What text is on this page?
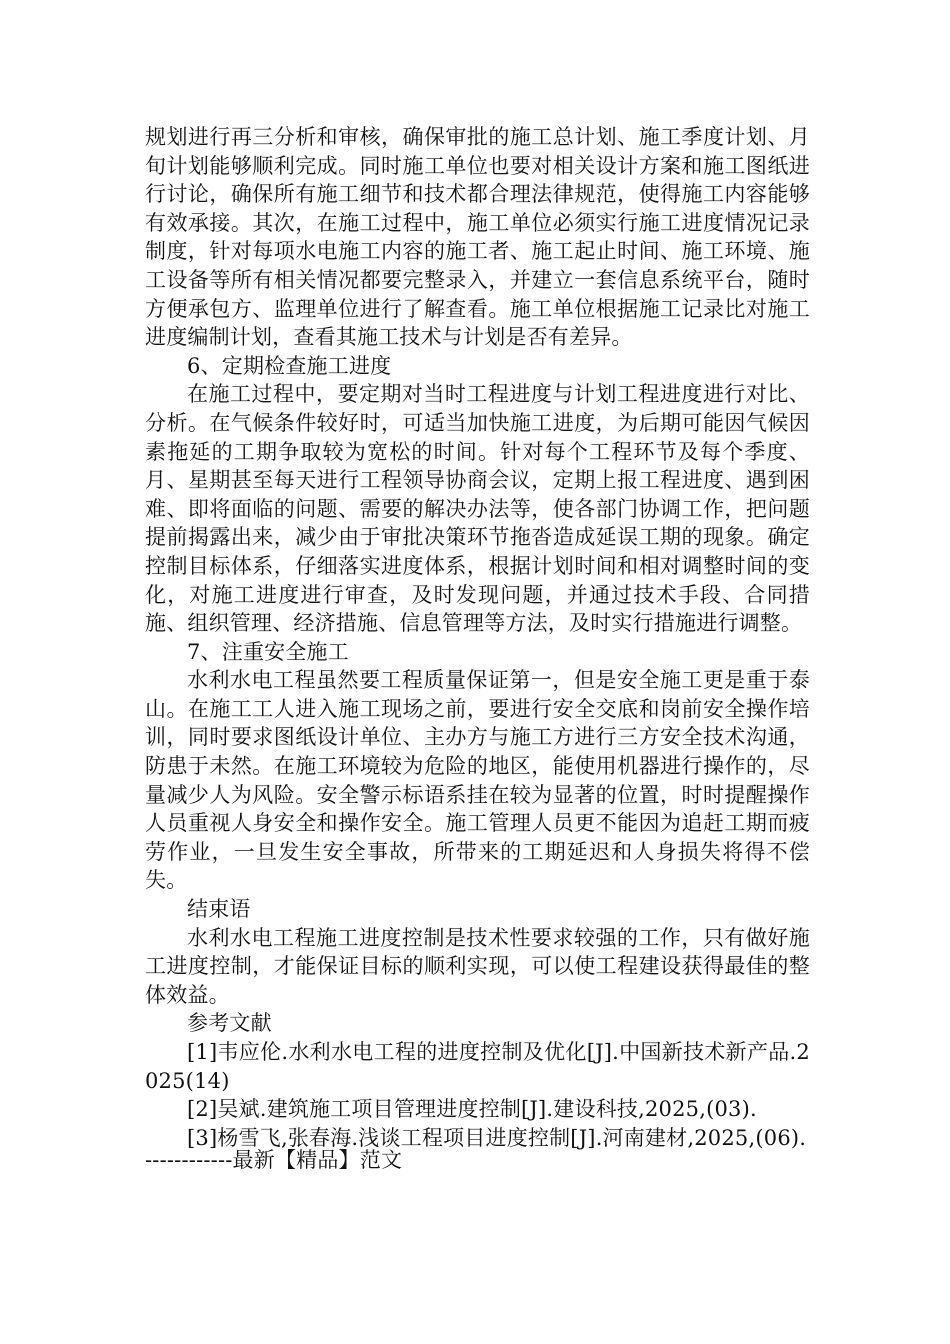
规划进行再三分析和审核，确保审批的施工总计划、施工季度计划、月旬计划能够顺利完成。同时施工单位也要对相关设计方案和施工图纸进行讨论，确保所有施工细节和技术都合理法律规范，使得施工内容能够有效承接。其次，在施工过程中，施工单位必须实行施工进度情况记录制度，针对每项水电施工内容的施工者、施工起止时间、施工环境、施工设备等所有相关情况都要完整录入，并建立一套信息系统平台，随时方便承包方、监理单位进行了解查看。施工单位根据施工记录比对施工进度编制计划，查看其施工技术与计划是否有差异。

6、定期检查施工进度

在施工过程中，要定期对当时工程进度与计划工程进度进行对比、分析。在气候条件较好时，可适当加快施工进度，为后期可能因气候因素拖延的工期争取较为宽松的时间。针对每个工程环节及每个季度、月、星期甚至每天进行工程领导协商会议，定期上报工程进度、遇到困难、即将面临的问题、需要的解决办法等，使各部门协调工作，把问题提前揭露出来，减少由于审批决策环节拖沓造成延误工期的现象。确定控制目标体系，仔细落实进度体系，根据计划时间和相对调整时间的变化，对施工进度进行审查，及时发现问题，并通过技术手段、合同措施、组织管理、经济措施、信息管理等方法，及时实行措施进行调整。

7、注重安全施工

水利水电工程虽然要工程质量保证第一，但是安全施工更是重于泰山。在施工工人进入施工现场之前，要进行安全交底和岗前安全操作培训，同时要求图纸设计单位、主办方与施工方进行三方安全技术沟通，防患于未然。在施工环境较为危险的地区，能使用机器进行操作的，尽量减少人为风险。安全警示标语系挂在较为显著的位置，时时提醒操作人员重视人身安全和操作安全。施工管理人员更不能因为追赶工期而疲劳作业，一旦发生安全事故，所带来的工期延迟和人身损失将得不偿失。

结束语

水利水电工程施工进度控制是技术性要求较强的工作，只有做好施工进度控制，才能保证目标的顺利实现，可以使工程建设获得最佳的整体效益。

参考文献

[1]韦应伦.水利水电工程的进度控制及优化[J].中国新技术新产品.2025(14)

[2]吴斌.建筑施工项目管理进度控制[J].建设科技,2025,(03).

[3]杨雪飞,张春海.浅谈工程项目进度控制[J].河南建材,2025,(06).

------------最新【精品】范文
